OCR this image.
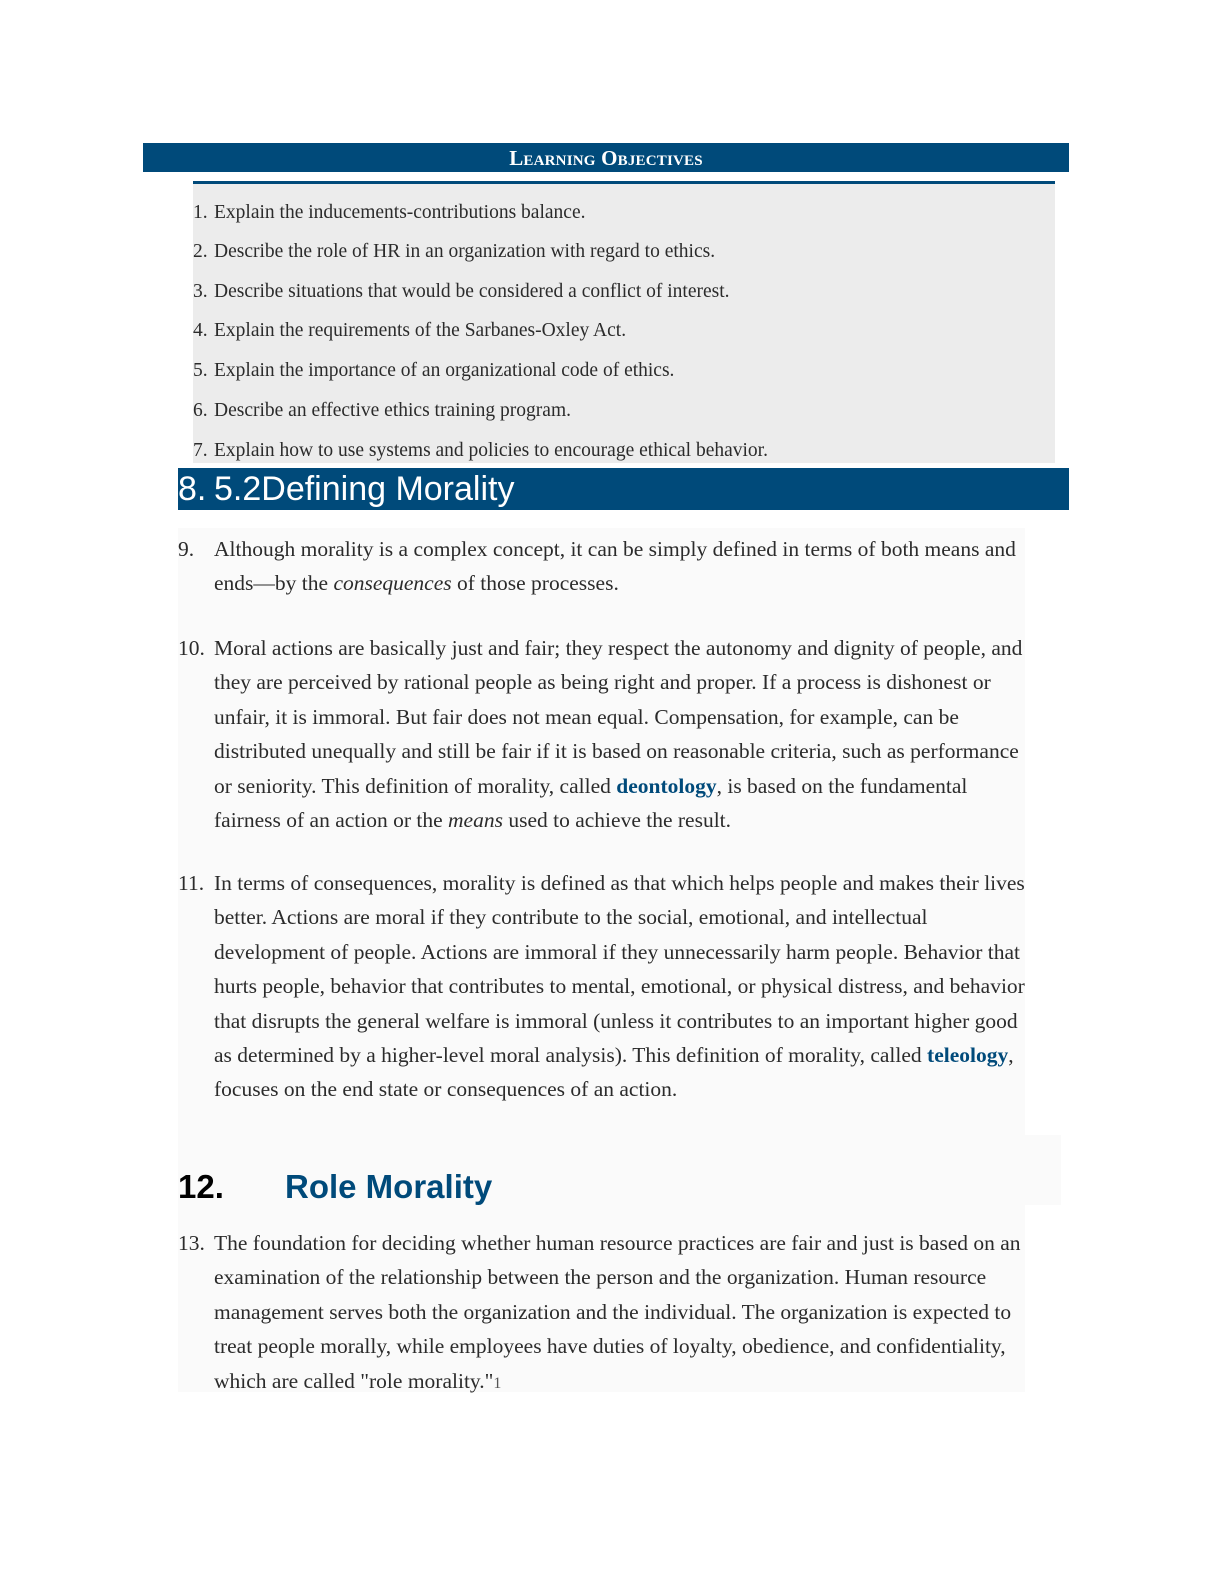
Learning Objectives
1. Explain the inducements-contributions balance.
2. Describe the role of HR in an organization with regard to ethics.
3. Describe situations that would be considered a conflict of interest.
4. Explain the requirements of the Sarbanes-Oxley Act.
5. Explain the importance of an organizational code of ethics.
6. Describe an effective ethics training program.
7. Explain how to use systems and policies to encourage ethical behavior.
8. 5.2Defining Morality
9. Although morality is a complex concept, it can be simply defined in terms of both means and ends—by the consequences of those processes.
10. Moral actions are basically just and fair; they respect the autonomy and dignity of people, and they are perceived by rational people as being right and proper. If a process is dishonest or unfair, it is immoral. But fair does not mean equal. Compensation, for example, can be distributed unequally and still be fair if it is based on reasonable criteria, such as performance or seniority. This definition of morality, called deontology, is based on the fundamental fairness of an action or the means used to achieve the result.
11. In terms of consequences, morality is defined as that which helps people and makes their lives better. Actions are moral if they contribute to the social, emotional, and intellectual development of people. Actions are immoral if they unnecessarily harm people. Behavior that hurts people, behavior that contributes to mental, emotional, or physical distress, and behavior that disrupts the general welfare is immoral (unless it contributes to an important higher good as determined by a higher-level moral analysis). This definition of morality, called teleology, focuses on the end state or consequences of an action.
12. Role Morality
13. The foundation for deciding whether human resource practices are fair and just is based on an examination of the relationship between the person and the organization. Human resource management serves both the organization and the individual. The organization is expected to treat people morally, while employees have duties of loyalty, obedience, and confidentiality, which are called "role morality."1
